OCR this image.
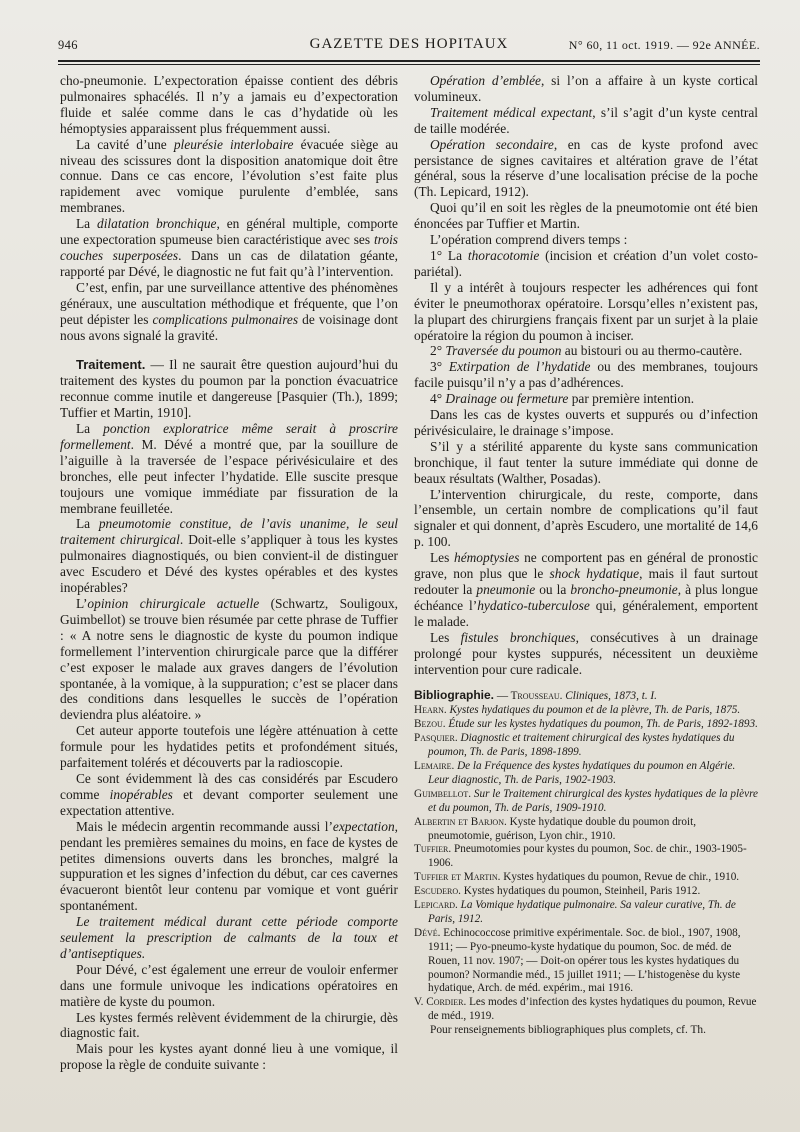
946	GAZETTE DES HOPITAUX	N° 60, 11 oct. 1919. — 92e ANNÉE.

cho-pneumonie. L’expectoration épaisse contient des débris pulmonaires sphacélés. Il n’y a jamais eu d’expectoration fluide et salée comme dans le cas d’hydatide où les hémoptysies apparaissent plus fréquemment aussi.

La cavité d’une pleurésie interlobaire évacuée siège au niveau des scissures dont la disposition anatomique doit être connue. Dans ce cas encore, l’évolution s’est faite plus rapidement avec vomique purulente d’emblée, sans membranes.

La dilatation bronchique, en général multiple, comporte une expectoration spumeuse bien caractéristique avec ses trois couches superposées. Dans un cas de dilatation géante, rapporté par Dévé, le diagnostic ne fut fait qu’à l’intervention.

C’est, enfin, par une surveillance attentive des phénomènes généraux, une auscultation méthodique et fréquente, que l’on peut dépister les complications pulmonaires de voisinage dont nous avons signalé la gravité.

Traitement. — Il ne saurait être question aujourd’hui du traitement des kystes du poumon par la ponction évacuatrice reconnue comme inutile et dangereuse [Pasquier (Th.), 1899; Tuffier et Martin, 1910].

La ponction exploratrice même serait à proscrire formellement. M. Dévé a montré que, par la souillure de l’aiguille à la traversée de l’espace périvésiculaire et des bronches, elle peut infecter l’hydatide. Elle suscite presque toujours une vomique immédiate par fissuration de la membrane feuilletée.

La pneumotomie constitue, de l’avis unanime, le seul traitement chirurgical. Doit-elle s’appliquer à tous les kystes pulmonaires diagnostiqués, ou bien convient-il de distinguer avec Escudero et Dévé des kystes opérables et des kystes inopérables?

L’opinion chirurgicale actuelle (Schwartz, Souligoux, Guimbellot) se trouve bien résumée par cette phrase de Tuffier : « A notre sens le diagnostic de kyste du poumon indique formellement l’intervention chirurgicale parce que la différer c’est exposer le malade aux graves dangers de l’évolution spontanée, à la vomique, à la suppuration; c’est se placer dans des conditions dans lesquelles le succès de l’opération deviendra plus aléatoire. »

Cet auteur apporte toutefois une légère atténuation à cette formule pour les hydatides petits et profondément situés, parfaitement tolérés et découverts par la radioscopie.

Ce sont évidemment là des cas considérés par Escudero comme inopérables et devant comporter seulement une expectation attentive.

Mais le médecin argentin recommande aussi l’expectation, pendant les premières semaines du moins, en face de kystes de petites dimensions ouverts dans les bronches, malgré la suppuration et les signes d’infection du début, car ces cavernes évacueront bientôt leur contenu par vomique et vont guérir spontanément.

Le traitement médical durant cette période comporte seulement la prescription de calmants de la toux et d’antiseptiques.

Pour Dévé, c’est également une erreur de vouloir enfermer dans une formule univoque les indications opératoires en matière de kyste du poumon.

Les kystes fermés relèvent évidemment de la chirurgie, dès diagnostic fait.

Mais pour les kystes ayant donné lieu à une vomique, il propose la règle de conduite suivante :

Opération d’emblée, si l’on a affaire à un kyste cortical volumineux.

Traitement médical expectant, s’il s’agit d’un kyste central de taille modérée.

Opération secondaire, en cas de kyste profond avec persistance de signes cavitaires et altération grave de l’état général, sous la réserve d’une localisation précise de la poche (Th. Lepicard, 1912).

Quoi qu’il en soit les règles de la pneumotomie ont été bien énoncées par Tuffier et Martin.

L’opération comprend divers temps :

1° La thoracotomie (incision et création d’un volet costo-pariétal).

Il y a intérêt à toujours respecter les adhérences qui font éviter le pneumothorax opératoire. Lorsqu’elles n’existent pas, la plupart des chirurgiens français fixent par un surjet à la plaie opératoire la région du poumon à inciser.

2° Traversée du poumon au bistouri ou au thermo-cautère.

3° Extirpation de l’hydatide ou des membranes, toujours facile puisqu’il n’y a pas d’adhérences.

4° Drainage ou fermeture par première intention.

Dans les cas de kystes ouverts et suppurés ou d’infection périvésiculaire, le drainage s’impose.

S’il y a stérilité apparente du kyste sans communication bronchique, il faut tenter la suture immédiate qui donne de beaux résultats (Walther, Posadas).

L’intervention chirurgicale, du reste, comporte, dans l’ensemble, un certain nombre de complications qu’il faut signaler et qui donnent, d’après Escudero, une mortalité de 14,6 p. 100.

Les hémoptysies ne comportent pas en général de pronostic grave, non plus que le shock hydatique, mais il faut surtout redouter la pneumonie ou la broncho-pneumonie, à plus longue échéance l’hydatico-tuberculose qui, généralement, emportent le malade.

Les fistules bronchiques, consécutives à un drainage prolongé pour kystes suppurés, nécessitent un deuxième intervention pour cure radicale.

Bibliographie. — Trousseau. Cliniques, 1873, t. I.

Hearn. Kystes hydatiques du poumon et de la plèvre, Th. de Paris, 1875.

Bezou. Étude sur les kystes hydatiques du poumon, Th. de Paris, 1892-1893.

Pasquier. Diagnostic et traitement chirurgical des kystes hydatiques du poumon, Th. de Paris, 1898-1899.

Lemaire. De la Fréquence des kystes hydatiques du poumon en Algérie. Leur diagnostic, Th. de Paris, 1902-1903.

Guimbellot. Sur le Traitement chirurgical des kystes hydatiques de la plèvre et du poumon, Th. de Paris, 1909-1910.

Albertin et Barjon. Kyste hydatique double du poumon droit, pneumotomie, guérison, Lyon chir., 1910.

Tuffier. Pneumotomies pour kystes du poumon, Soc. de chir., 1903-1905-1906.

Tuffier et Martin. Kystes hydatiques du poumon, Revue de chir., 1910.

Escudero. Kystes hydatiques du poumon, Steinheil, Paris 1912.

Lepicard. La Vomique hydatique pulmonaire. Sa valeur curative, Th. de Paris, 1912.

Dévé. Echinococcose primitive expérimentale. Soc. de biol., 1907, 1908, 1911; — Pyo-pneumo-kyste hydatique du poumon, Soc. de méd. de Rouen, 11 nov. 1907; — Doit-on opérer tous les kystes hydatiques du poumon? Normandie méd., 15 juillet 1911; — L’histogenèse du kyste hydatique, Arch. de méd. expérim., mai 1916.

V. Cordier. Les modes d’infection des kystes hydatiques du poumon, Revue de méd., 1919.

Pour renseignements bibliographiques plus complets, cf. Th.
